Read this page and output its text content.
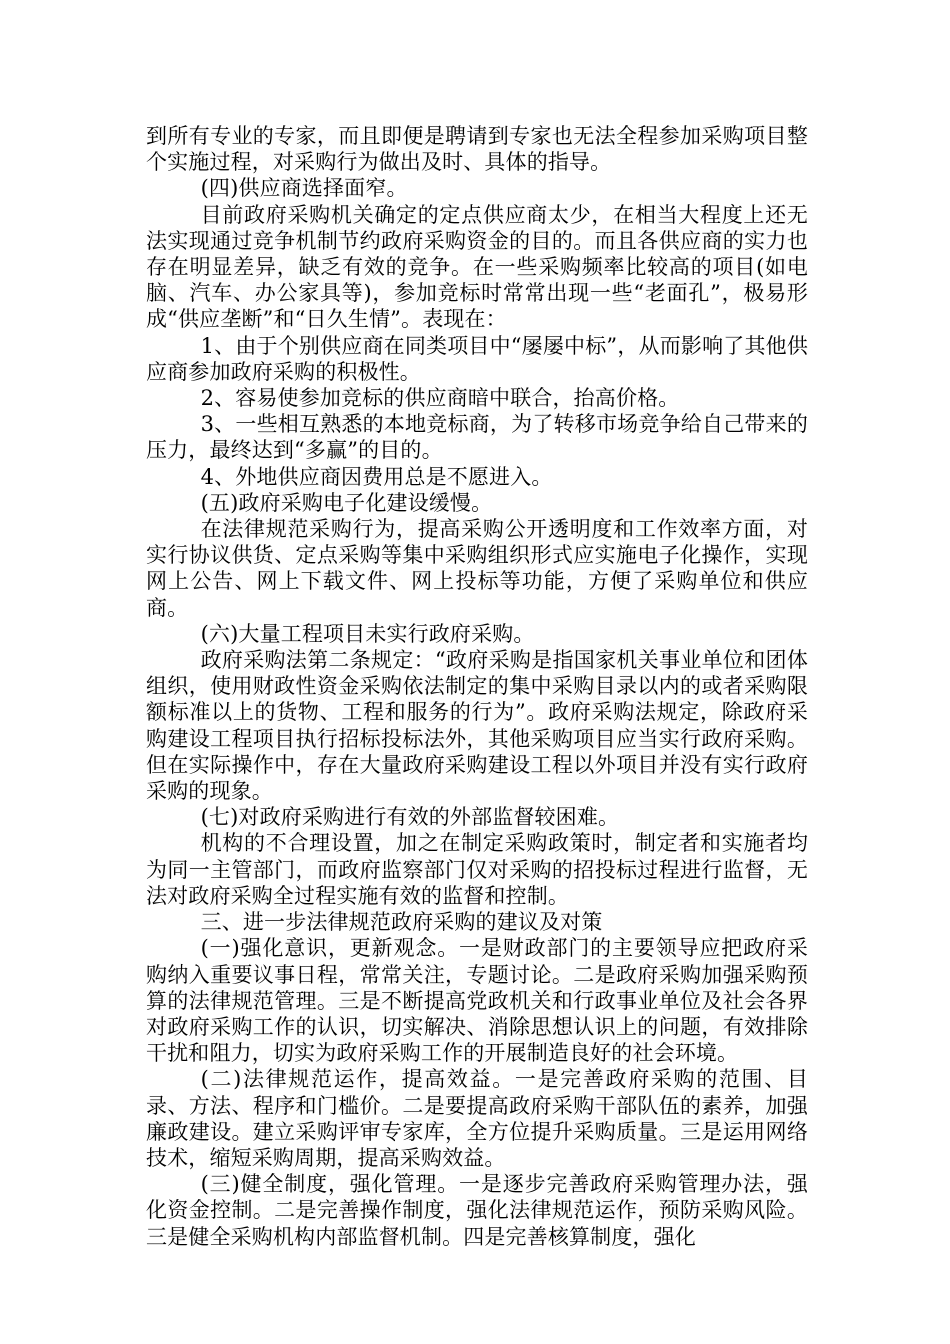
到所有专业的专家，而且即便是聘请到专家也无法全程参加采购项目整个实施过程，对采购行为做出及时、具体的指导。

(四)供应商选择面窄。

目前政府采购机关确定的定点供应商太少，在相当大程度上还无法实现通过竞争机制节约政府采购资金的目的。而且各供应商的实力也存在明显差异，缺乏有效的竞争。在一些采购频率比较高的项目(如电脑、汽车、办公家具等)，参加竞标时常常出现一些“老面孔”，极易形成“供应垄断”和“日久生情”。表现在：

1、由于个别供应商在同类项目中“屡屡中标”，从而影响了其他供应商参加政府采购的积极性。

2、容易使参加竞标的供应商暗中联合，抬高价格。

3、一些相互熟悉的本地竞标商，为了转移市场竞争给自己带来的压力，最终达到“多赢”的目的。

4、外地供应商因费用总是不愿进入。

(五)政府采购电子化建设缓慢。

在法律规范采购行为，提高采购公开透明度和工作效率方面，对实行协议供货、定点采购等集中采购组织形式应实施电子化操作，实现网上公告、网上下载文件、网上投标等功能，方便了采购单位和供应商。

(六)大量工程项目未实行政府采购。

政府采购法第二条规定：“政府采购是指国家机关事业单位和团体组织，使用财政性资金采购依法制定的集中采购目录以内的或者采购限额标准以上的货物、工程和服务的行为”。政府采购法规定，除政府采购建设工程项目执行招标投标法外，其他采购项目应当实行政府采购。但在实际操作中，存在大量政府采购建设工程以外项目并没有实行政府采购的现象。

(七)对政府采购进行有效的外部监督较困难。

机构的不合理设置，加之在制定采购政策时，制定者和实施者均为同一主管部门，而政府监察部门仅对采购的招投标过程进行监督，无法对政府采购全过程实施有效的监督和控制。

三、进一步法律规范政府采购的建议及对策

(一)强化意识，更新观念。一是财政部门的主要领导应把政府采购纳入重要议事日程，常常关注，专题讨论。二是政府采购加强采购预算的法律规范管理。三是不断提高党政机关和行政事业单位及社会各界对政府采购工作的认识，切实解决、消除思想认识上的问题，有效排除干扰和阻力，切实为政府采购工作的开展制造良好的社会环境。

(二)法律规范运作，提高效益。一是完善政府采购的范围、目录、方法、程序和门槛价。二是要提高政府采购干部队伍的素养，加强廉政建设。建立采购评审专家库，全方位提升采购质量。三是运用网络技术，缩短采购周期，提高采购效益。

(三)健全制度，强化管理。一是逐步完善政府采购管理办法，强化资金控制。二是完善操作制度，强化法律规范运作，预防采购风险。三是健全采购机构内部监督机制。四是完善核算制度，强化
